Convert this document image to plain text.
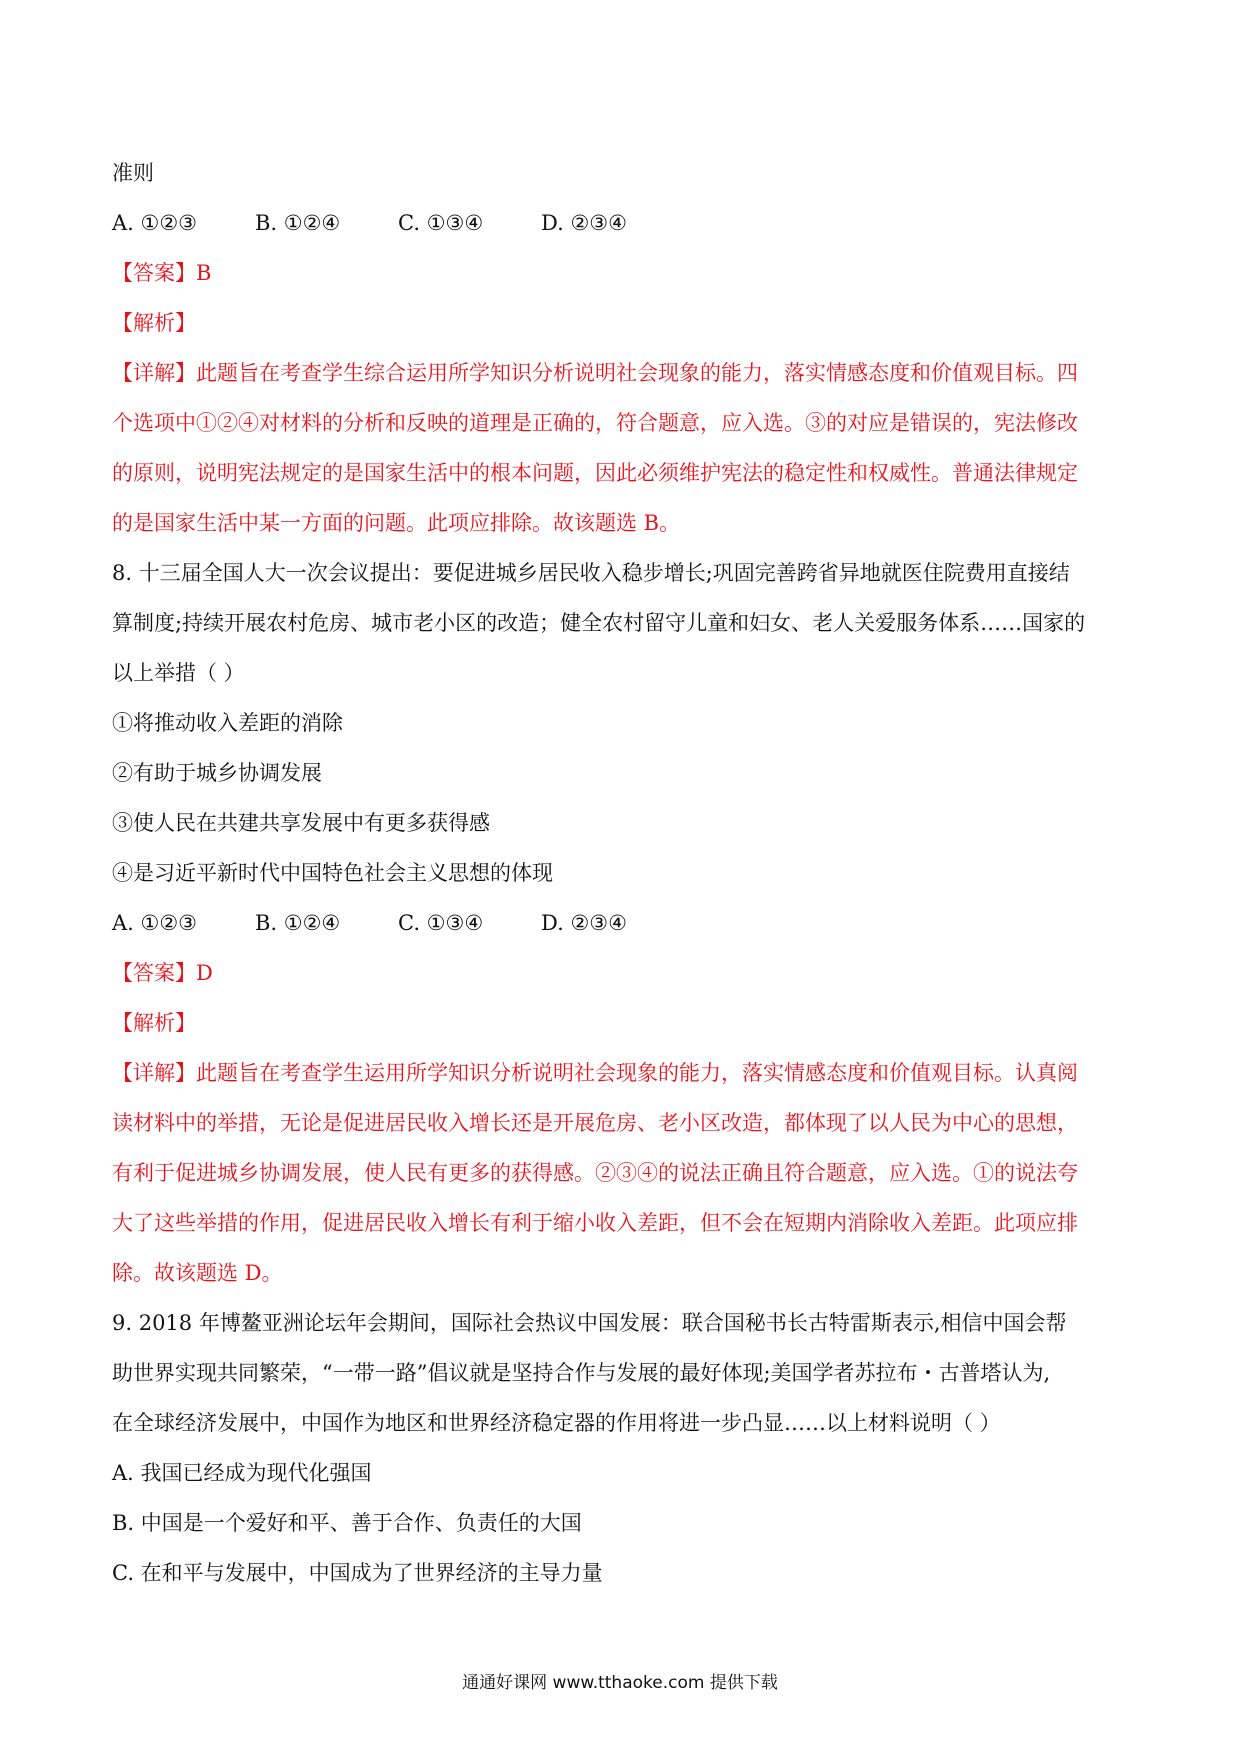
准则
A. ①②③	B. ①②④	C. ①③④	D. ②③④
【答案】B
【解析】
【详解】此题旨在考查学生综合运用所学知识分析说明社会现象的能力，落实情感态度和价值观目标。四
个选项中①②④对材料的分析和反映的道理是正确的，符合题意，应入选。③的对应是错误的，宪法修改
的原则，说明宪法规定的是国家生活中的根本问题，因此必须维护宪法的稳定性和权威性。普通法律规定
的是国家生活中某一方面的问题。此项应排除。故该题选 B。
8. 十三届全国人大一次会议提出：要促进城乡居民收入稳步增长;巩固完善跨省异地就医住院费用直接结
算制度;持续开展农村危房、城市老小区的改造；健全农村留守儿童和妇女、老人关爱服务体系……国家的
以上举措（ ）
①将推动收入差距的消除
②有助于城乡协调发展
③使人民在共建共享发展中有更多获得感
④是习近平新时代中国特色社会主义思想的体现
A. ①②③	B. ①②④	C. ①③④	D. ②③④
【答案】D
【解析】
【详解】此题旨在考查学生运用所学知识分析说明社会现象的能力，落实情感态度和价值观目标。认真阅
读材料中的举措，无论是促进居民收入增长还是开展危房、老小区改造，都体现了以人民为中心的思想，
有利于促进城乡协调发展，使人民有更多的获得感。②③④的说法正确且符合题意，应入选。①的说法夸
大了这些举措的作用，促进居民收入增长有利于缩小收入差距，但不会在短期内消除收入差距。此项应排
除。故该题选 D。
9. 2018 年博鳌亚洲论坛年会期间，国际社会热议中国发展：联合国秘书长古特雷斯表示,相信中国会帮
助世界实现共同繁荣，“一带一路”倡议就是坚持合作与发展的最好体现;美国学者苏拉布・古普塔认为,
在全球经济发展中，中国作为地区和世界经济稳定器的作用将进一步凸显……以上材料说明（ ）
A. 我国已经成为现代化强国
B. 中国是一个爱好和平、善于合作、负责任的大国
C. 在和平与发展中，中国成为了世界经济的主导力量
通通好课网 www.tthaoke.com 提供下载
